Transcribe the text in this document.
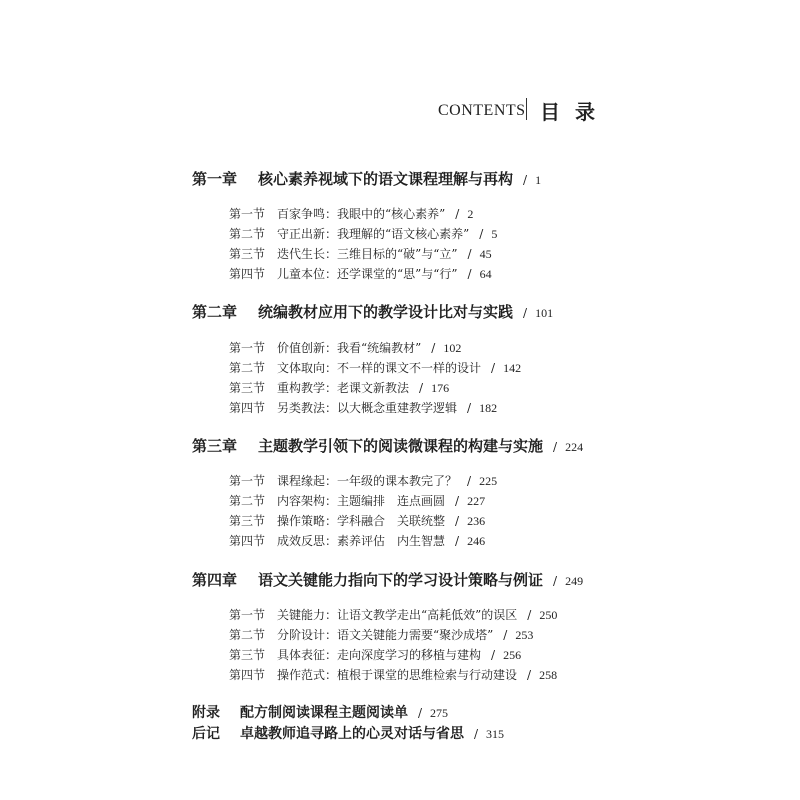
CONTENTS 目 录
第一章 核心素养视域下的语文课程理解与再构 / 1
第一节 百家争鸣：我眼中的“核心素养” / 2
第二节 守正出新：我理解的“语文核心素养” / 5
第三节 迭代生长：三维目标的“破”与“立” / 45
第四节 儿童本位：还学课堂的“思”与“行” / 64
第二章 统编教材应用下的教学设计比对与实践 / 101
第一节 价值创新：我看“统编教材” / 102
第二节 文体取向：不一样的课文不一样的设计 / 142
第三节 重构教学：老课文新教法 / 176
第四节 另类教法：以大概念重建教学逻辑 / 182
第三章 主题教学引领下的阅读微课程的构建与实施 / 224
第一节 课程缘起：一年级的课本教完了？ / 225
第二节 内容架构：主题编排　连点画圆 / 227
第三节 操作策略：学科融合　关联统整 / 236
第四节 成效反思：素养评估　内生智慧 / 246
第四章 语文关键能力指向下的学习设计策略与例证 / 249
第一节 关键能力：让语文教学走出“高耗低效”的误区 / 250
第二节 分阶设计：语文关键能力需要“聚沙成塔” / 253
第三节 具体表征：走向深度学习的移植与建构 / 256
第四节 操作范式：植根于课堂的思维检索与行动建设 / 258
附录 配方制阅读课程主题阅读单 / 275
后记 卓越教师追寻路上的心灵对话与省思 / 315
